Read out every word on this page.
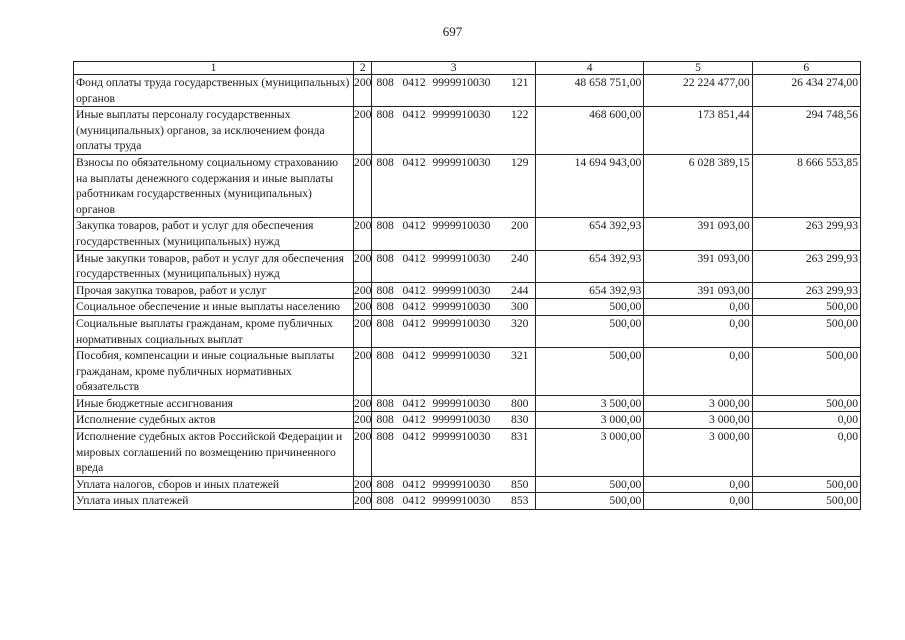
697
1	2	3	4	5	6
Фонд оплаты труда государственных (муниципальных) органов	200	808 0412 9999910030 121	48 658 751,00	22 224 477,00	26 434 274,00
Иные выплаты персоналу государственных (муниципальных) органов, за исключением фонда оплаты труда	200	808 0412 9999910030 122	468 600,00	173 851,44	294 748,56
Взносы по обязательному социальному страхованию на выплаты денежного содержания и иные выплаты работникам государственных (муниципальных) органов	200	808 0412 9999910030 129	14 694 943,00	6 028 389,15	8 666 553,85
Закупка товаров, работ и услуг для обеспечения государственных (муниципальных) нужд	200	808 0412 9999910030 200	654 392,93	391 093,00	263 299,93
Иные закупки товаров, работ и услуг для обеспечения государственных (муниципальных) нужд	200	808 0412 9999910030 240	654 392,93	391 093,00	263 299,93
Прочая закупка товаров, работ и услуг	200	808 0412 9999910030 244	654 392,93	391 093,00	263 299,93
Социальное обеспечение и иные выплаты населению	200	808 0412 9999910030 300	500,00	0,00	500,00
Социальные выплаты гражданам, кроме публичных нормативных социальных выплат	200	808 0412 9999910030 320	500,00	0,00	500,00
Пособия, компенсации и иные социальные выплаты гражданам, кроме публичных нормативных обязательств	200	808 0412 9999910030 321	500,00	0,00	500,00
Иные бюджетные ассигнования	200	808 0412 9999910030 800	3 500,00	3 000,00	500,00
Исполнение судебных актов	200	808 0412 9999910030 830	3 000,00	3 000,00	0,00
Исполнение судебных актов Российской Федерации и мировых соглашений по возмещению причиненного вреда	200	808 0412 9999910030 831	3 000,00	3 000,00	0,00
Уплата налогов, сборов и иных платежей	200	808 0412 9999910030 850	500,00	0,00	500,00
Уплата иных платежей	200	808 0412 9999910030 853	500,00	0,00	500,00
